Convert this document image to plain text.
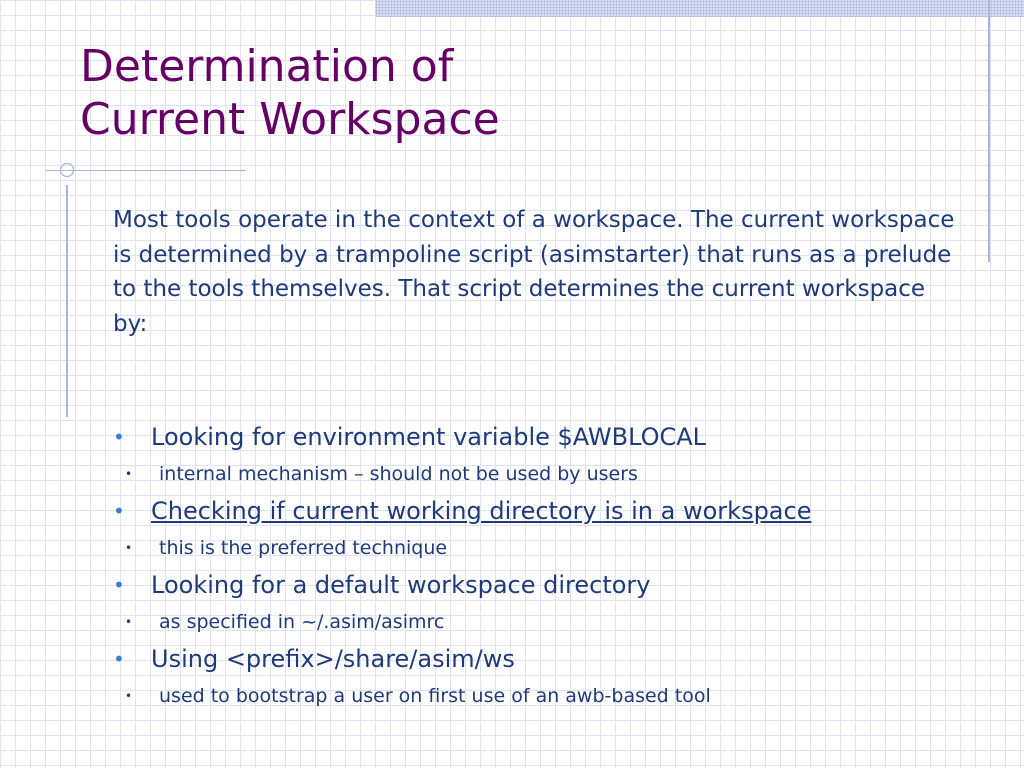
Determination of
Current Workspace

Most tools operate in the context of a workspace. The current workspace is determined by a trampoline script (asimstarter) that runs as a prelude to the tools themselves. That script determines the current workspace by:

• Looking for environment variable $AWBLOCAL
• internal mechanism – should not be used by users
• Checking if current working directory is in a workspace
• this is the preferred technique
• Looking for a default workspace directory
• as specified in ~/.asim/asimrc
• Using <prefix>/share/asim/ws
• used to bootstrap a user on first use of an awb-based tool
